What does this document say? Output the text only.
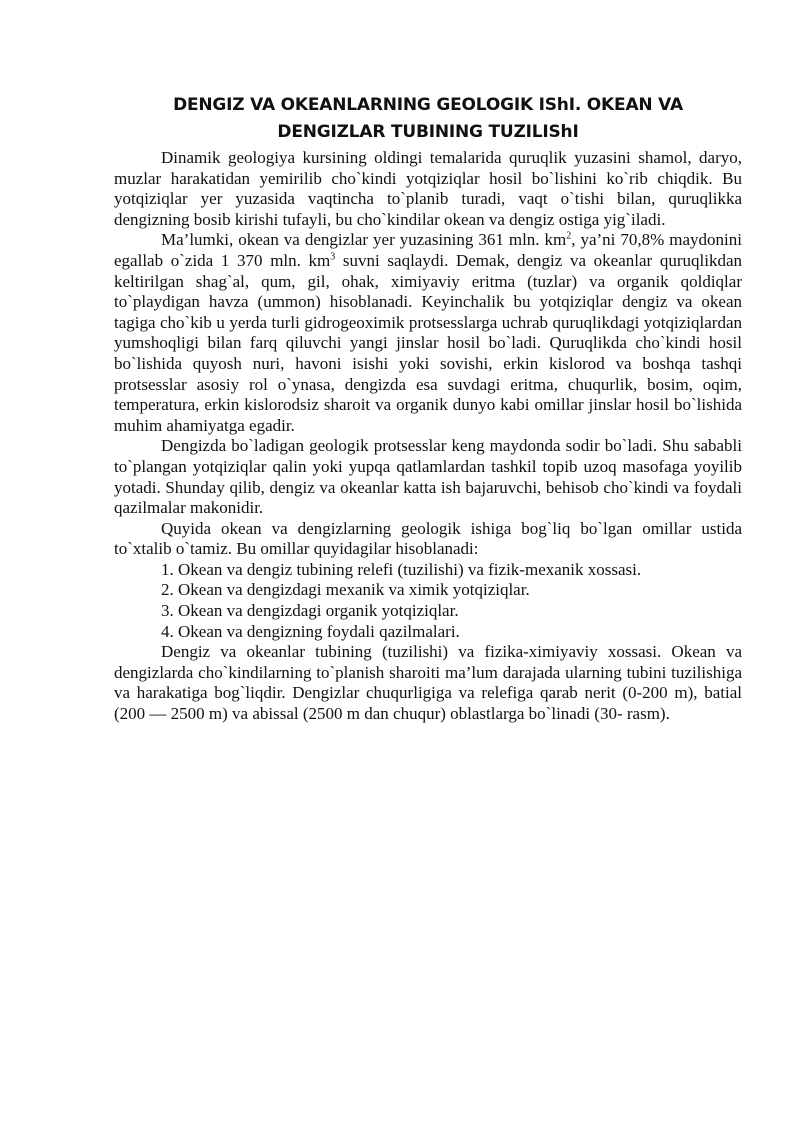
DENGIZ VA OKEANLARNING GEOLOGIK IShI. OKEAN VA
DENGIZLAR TUBINING TUZILIShI

Dinamik geologiya kursining oldingi temalarida quruqlik yuzasini shamol, daryo, muzlar harakatidan yemirilib cho`kindi yotqiziqlar hosil bo`lishini ko`rib chiqdik. Bu yotqiziqlar yer yuzasida vaqtincha to`planib turadi, vaqt o`tishi bilan, quruqlikka dengizning bosib kirishi tufayli, bu cho`kindilar okean va dengiz ostiga yig`iladi.

Ma’lumki, okean va dengizlar yer yuzasining 361 mln. $km^2$, ya’ni 70,8% maydonini egallab o`zida 1 370 mln. $km^3$ suvni saqlaydi. Demak, dengiz va okeanlar quruqlikdan keltirilgan shag`al, qum, gil, ohak, ximiyaviy eritma (tuzlar) va organik qoldiqlar to`playdigan havza (ummon) hisoblanadi. Keyinchalik bu yotqiziqlar dengiz va okean tagiga cho`kib u yerda turli gidrogeoximik protsesslarga uchrab quruqlikdagi yotqiziqlardan yumshoqligi bilan farq qiluvchi yangi jinslar hosil bo`ladi. Quruqlikda cho`kindi hosil bo`lishida quyosh nuri, havoni isishi yoki sovishi, erkin kislorod va boshqa tashqi protsesslar asosiy rol o`ynasa, dengizda esa suvdagi eritma, chuqurlik, bosim, oqim, temperatura, erkin kislorodsiz sharoit va organik dunyo kabi omillar jinslar hosil bo`lishida muhim ahamiyatga egadir.

Dengizda bo`ladigan geologik protsesslar keng maydonda sodir bo`ladi. Shu sababli to`plangan yotqiziqlar qalin yoki yupqa qatlamlardan tashkil topib uzoq masofaga yoyilib yotadi. Shunday qilib, dengiz va okeanlar katta ish bajaruvchi, behisob cho`kindi va foydali qazilmalar makonidir.

Quyida okean va dengizlarning geologik ishiga bog`liq bo`lgan omillar ustida to`xtalib o`tamiz. Bu omillar quyidagilar hisoblanadi:

1. Okean va dengiz tubining relefi (tuzilishi) va fizik-mexanik xossasi.

2. Okean va dengizdagi mexanik va ximik yotqiziqlar.

3. Okean va dengizdagi organik yotqiziqlar.

4. Okean va dengizning foydali qazilmalari.

Dengiz va okeanlar tubining (tuzilishi) va fizika-ximiyaviy xossasi. Okean va dengizlarda cho`kindilarning to`planish sharoiti ma’lum darajada ularning tubini tuzilishiga va harakatiga bog`liqdir. Dengizlar chuqurligiga va relefiga qarab nerit (0-200 m), batial (200 — 2500 m) va abissal (2500 m dan chuqur) oblastlarga bo`linadi (30- rasm).
